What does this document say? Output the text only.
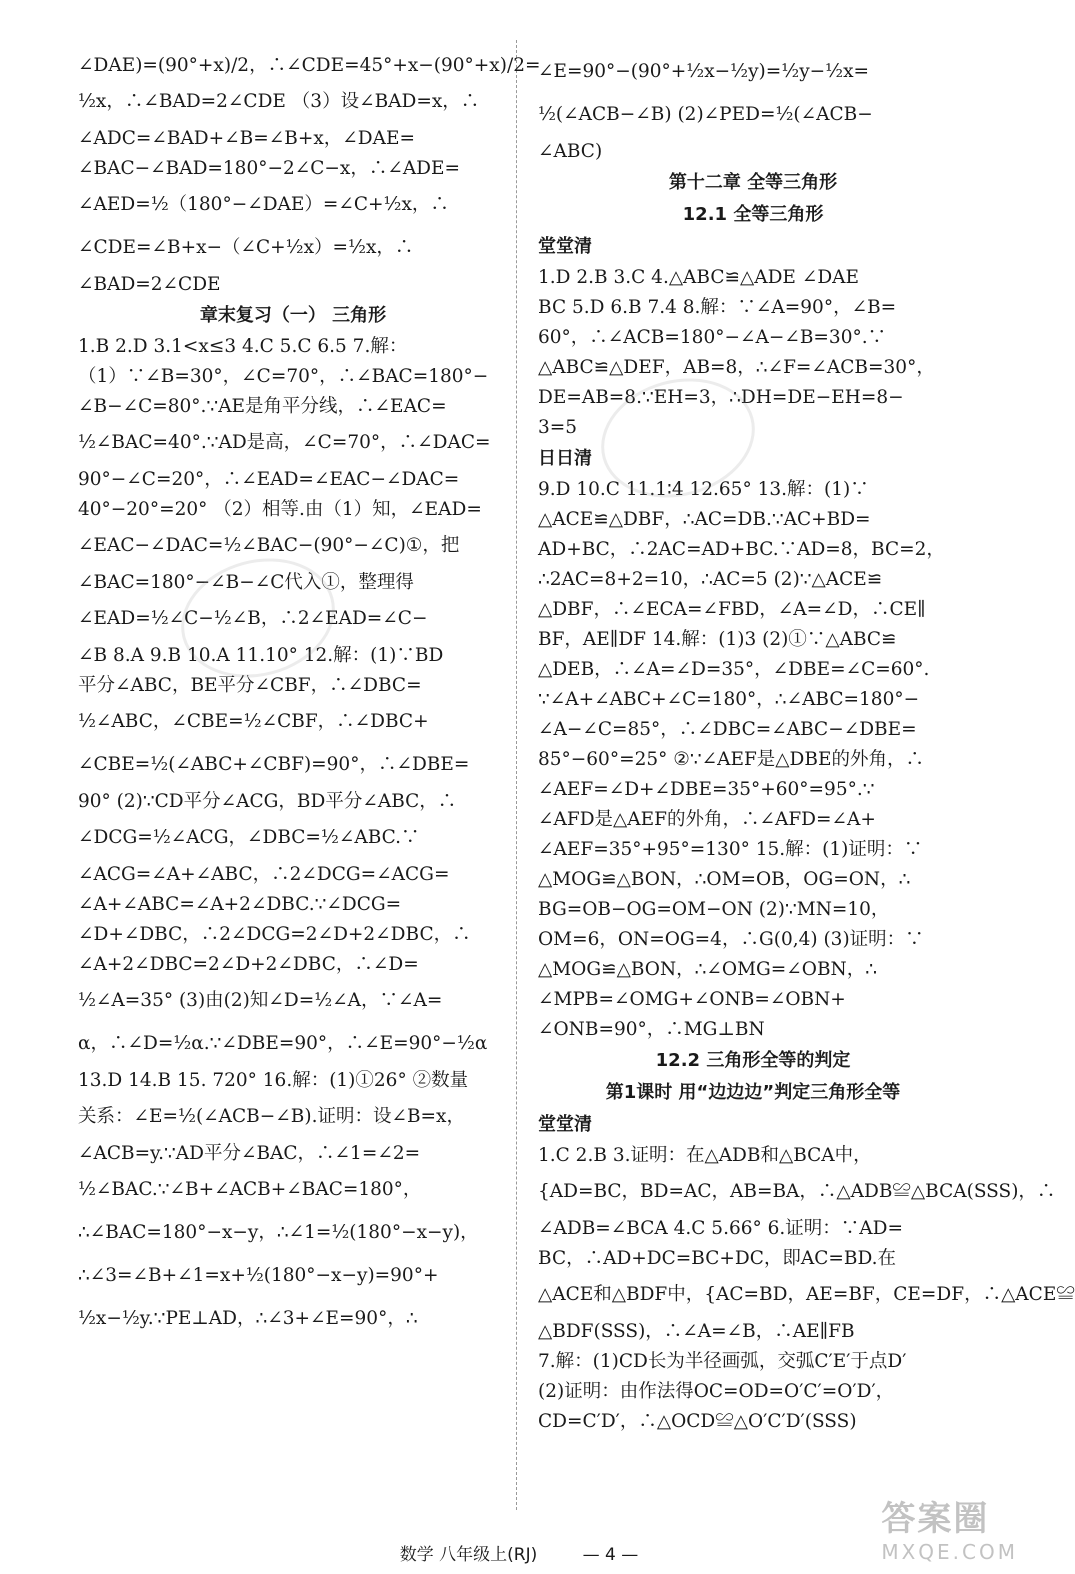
∠DAE)=(90°+x)/2，∴∠CDE=45°+x−(90°+x)/2=
½x，∴∠BAD=2∠CDE （3）设∠BAD=x，∴
∠ADC=∠BAD+∠B=∠B+x，∠DAE=
∠BAC−∠BAD=180°−2∠C−x，∴∠ADE=
∠AED=½（180°−∠DAE）=∠C+½x，∴
∠CDE=∠B+x−（∠C+½x）=½x，∴
∠BAD=2∠CDE
章末复习（一） 三角形
1.B 2.D 3.1<x≤3 4.C 5.C 6.5 7.解：
（1）∵∠B=30°，∠C=70°，∴∠BAC=180°−
∠B−∠C=80°.∵AE是角平分线，∴∠EAC=
½∠BAC=40°.∵AD是高，∠C=70°，∴∠DAC=
90°−∠C=20°，∴∠EAD=∠EAC−∠DAC=
40°−20°=20° （2）相等.由（1）知，∠EAD=
∠EAC−∠DAC=½∠BAC−(90°−∠C)①，把
∠BAC=180°−∠B−∠C代入①，整理得
∠EAD=½∠C−½∠B，∴2∠EAD=∠C−
∠B 8.A 9.B 10.A 11.10° 12.解：(1)∵BD
平分∠ABC，BE平分∠CBF，∴∠DBC=
½∠ABC，∠CBE=½∠CBF，∴∠DBC+
∠CBE=½(∠ABC+∠CBF)=90°，∴∠DBE=
90° (2)∵CD平分∠ACG，BD平分∠ABC，∴
∠DCG=½∠ACG，∠DBC=½∠ABC.∵
∠ACG=∠A+∠ABC，∴2∠DCG=∠ACG=
∠A+∠ABC=∠A+2∠DBC.∵∠DCG=
∠D+∠DBC，∴2∠DCG=2∠D+2∠DBC，∴
∠A+2∠DBC=2∠D+2∠DBC，∴∠D=
½∠A=35° (3)由(2)知∠D=½∠A，∵∠A=
α，∴∠D=½α.∵∠DBE=90°，∴∠E=90°−½α
13.D 14.B 15. 720° 16.解：(1)①26° ②数量
关系：∠E=½(∠ACB−∠B).证明：设∠B=x，
∠ACB=y.∵AD平分∠BAC，∴∠1=∠2=
½∠BAC.∵∠B+∠ACB+∠BAC=180°，
∴∠BAC=180°−x−y，∴∠1=½(180°−x−y)，
∴∠3=∠B+∠1=x+½(180°−x−y)=90°+
½x−½y.∵PE⊥AD，∴∠3+∠E=90°，∴
∠E=90°−(90°+½x−½y)=½y−½x=
½(∠ACB−∠B) (2)∠PED=½(∠ACB−
∠ABC)
第十二章 全等三角形
12.1 全等三角形
堂堂清
1.D 2.B 3.C 4.△ABC≌△ADE ∠DAE
BC 5.D 6.B 7.4 8.解：∵∠A=90°，∠B=
60°，∴∠ACB=180°−∠A−∠B=30°.∵
△ABC≌△DEF，AB=8，∴∠F=∠ACB=30°，
DE=AB=8.∵EH=3，∴DH=DE−EH=8−
3=5
日日清
9.D 10.C 11.1∶4 12.65° 13.解：(1)∵
△ACE≌△DBF，∴AC=DB.∵AC+BD=
AD+BC，∴2AC=AD+BC.∵AD=8，BC=2，
∴2AC=8+2=10，∴AC=5 (2)∵△ACE≌
△DBF，∴∠ECA=∠FBD，∠A=∠D，∴CE∥
BF，AE∥DF 14.解：(1)3 (2)①∵△ABC≌
△DEB，∴∠A=∠D=35°，∠DBE=∠C=60°.
∵∠A+∠ABC+∠C=180°，∴∠ABC=180°−
∠A−∠C=85°，∴∠DBC=∠ABC−∠DBE=
85°−60°=25° ②∵∠AEF是△DBE的外角，∴
∠AEF=∠D+∠DBE=35°+60°=95°.∵
∠AFD是△AEF的外角，∴∠AFD=∠A+
∠AEF=35°+95°=130° 15.解：(1)证明：∵
△MOG≌△BON，∴OM=OB，OG=ON，∴
BG=OB−OG=OM−ON (2)∵MN=10，
OM=6，ON=OG=4，∴G(0,4) (3)证明：∵
△MOG≌△BON，∴∠OMG=∠OBN，∴
∠MPB=∠OMG+∠ONB=∠OBN+
∠ONB=90°，∴MG⊥BN
12.2 三角形全等的判定
第1课时 用“边边边”判定三角形全等
堂堂清
1.C 2.B 3.证明：在△ADB和△BCA中，
{AD=BC，BD=AC，AB=BA，∴△ADB≌△BCA(SSS)，∴
∠ADB=∠BCA 4.C 5.66° 6.证明：∵AD=
BC，∴AD+DC=BC+DC，即AC=BD.在
△ACE和△BDF中，{AC=BD，AE=BF，CE=DF，∴△ACE≌
△BDF(SSS)，∴∠A=∠B，∴AE∥FB
7.解：(1)CD长为半径画弧，交弧C′E′于点D′
(2)证明：由作法得OC=OD=O′C′=O′D′，
CD=C′D′，∴△OCD≌△O′C′D′(SSS)
数学 八年级上(RJ)	— 4 —
答案圈
MXQE.COM
